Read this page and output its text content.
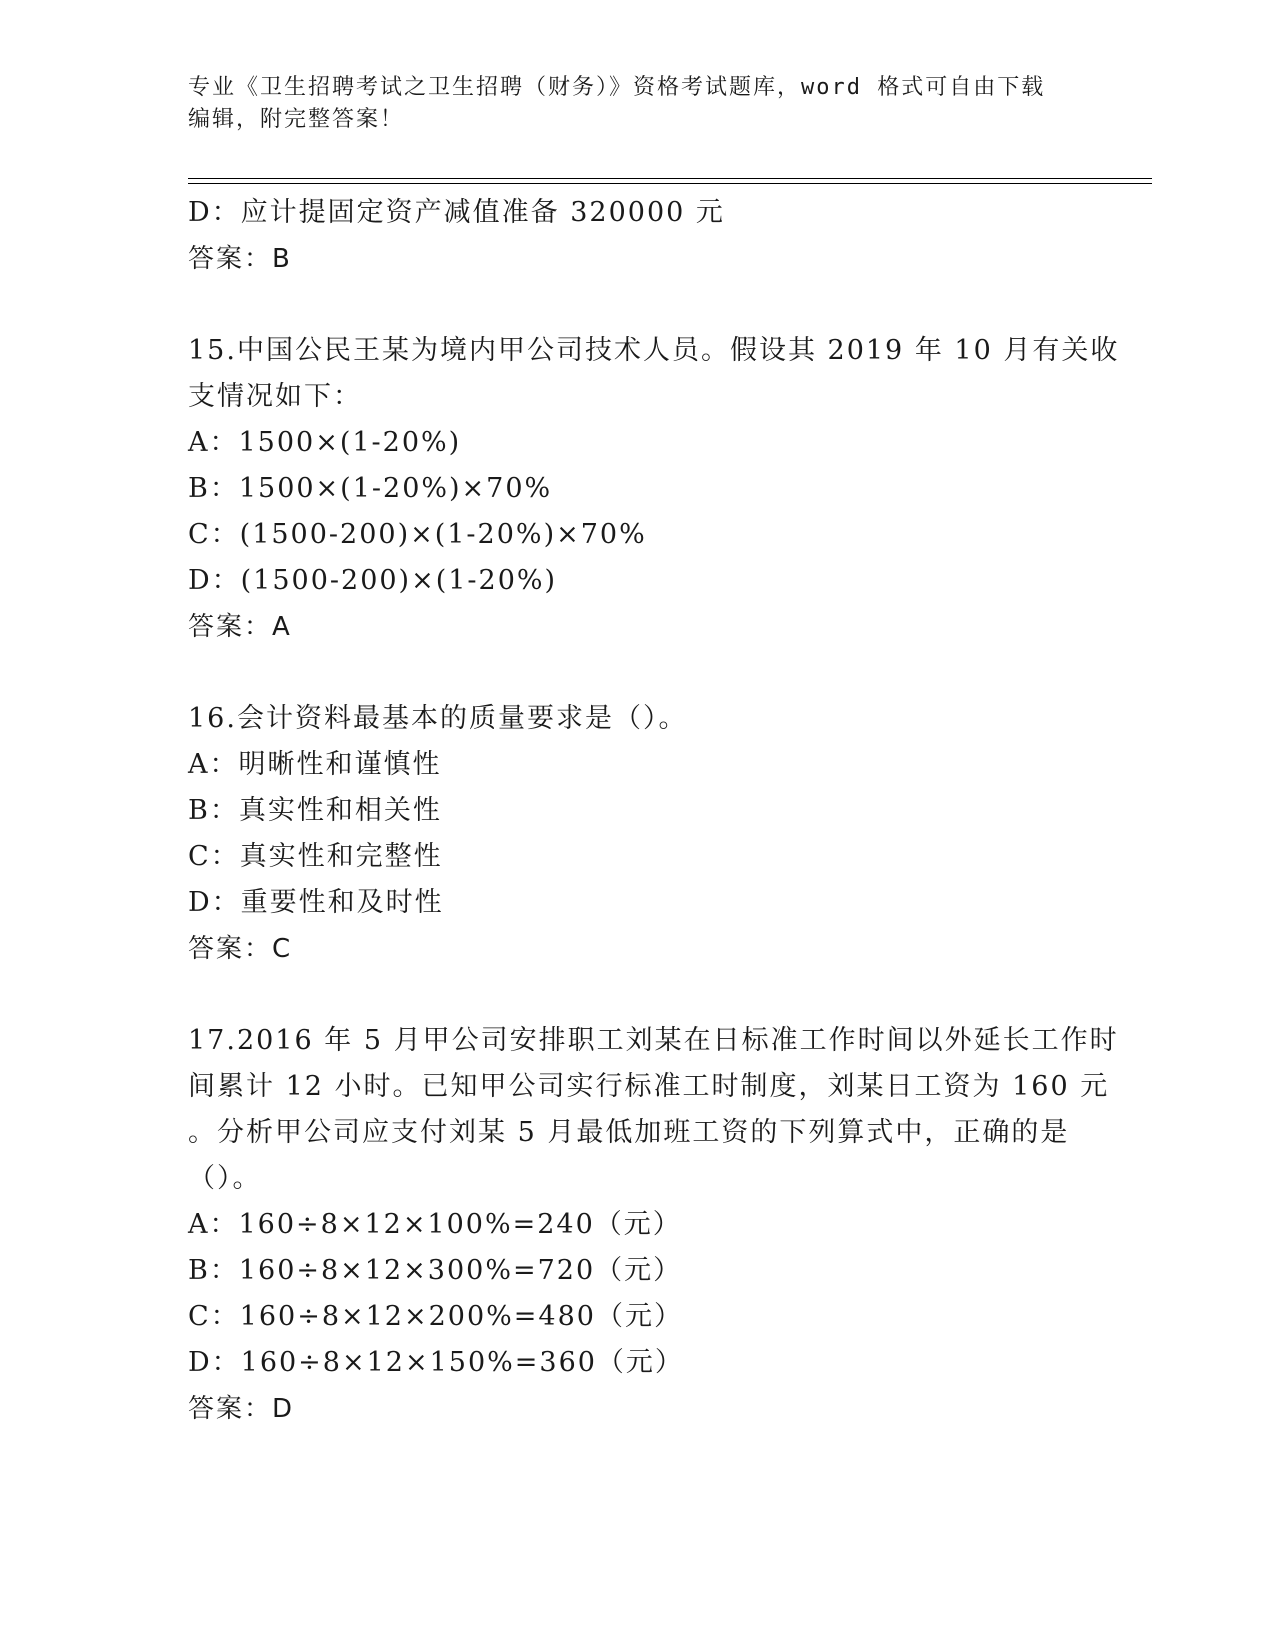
专业《卫生招聘考试之卫生招聘（财务）》资格考试题库，word 格式可自由下载
编辑，附完整答案！
D：应计提固定资产减值准备 320000 元
答案：B
15.中国公民王某为境内甲公司技术人员。假设其 2019 年 10 月有关收
支情况如下：
A：1500×(1-20%)
B：1500×(1-20%)×70%
C：(1500-200)×(1-20%)×70%
D：(1500-200)×(1-20%)
答案：A
16.会计资料最基本的质量要求是（）。
A：明晰性和谨慎性
B：真实性和相关性
C：真实性和完整性
D：重要性和及时性
答案：C
17.2016 年 5 月甲公司安排职工刘某在日标准工作时间以外延长工作时
间累计 12 小时。已知甲公司实行标准工时制度，刘某日工资为 160 元
。分析甲公司应支付刘某 5 月最低加班工资的下列算式中，正确的是
（）。
A：160÷8×12×100%=240（元）
B：160÷8×12×300%=720（元）
C：160÷8×12×200%=480（元）
D：160÷8×12×150%=360（元）
答案：D
